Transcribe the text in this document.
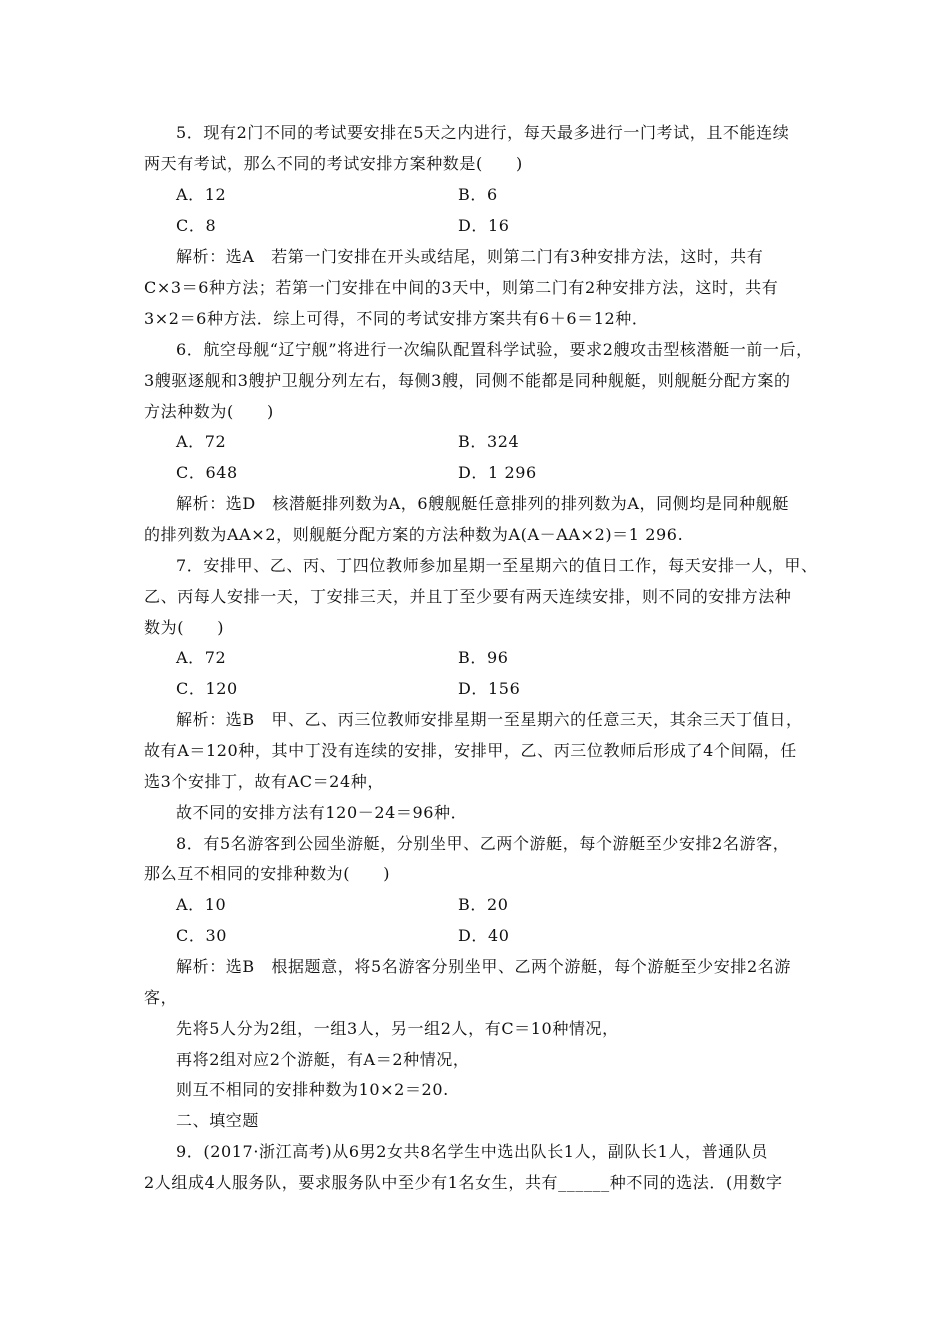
5．现有2门不同的考试要安排在5天之内进行，每天最多进行一门考试，且不能连续
两天有考试，那么不同的考试安排方案种数是(　　)
A．12	B．6
C．8	D．16
解析：选A　若第一门安排在开头或结尾，则第二门有3种安排方法，这时，共有
C×3＝6种方法；若第一门安排在中间的3天中，则第二门有2种安排方法，这时，共有
3×2＝6种方法．综上可得，不同的考试安排方案共有6＋6＝12种．
6．航空母舰“辽宁舰”将进行一次编队配置科学试验，要求2艘攻击型核潜艇一前一后，
3艘驱逐舰和3艘护卫舰分列左右，每侧3艘，同侧不能都是同种舰艇，则舰艇分配方案的
方法种数为(　　)
A．72	B．324
C．648	D．1 296
解析：选D　核潜艇排列数为A，6艘舰艇任意排列的排列数为A，同侧均是同种舰艇
的排列数为AA×2，则舰艇分配方案的方法种数为A(A－AA×2)＝1 296.
7．安排甲、乙、丙、丁四位教师参加星期一至星期六的值日工作，每天安排一人，甲、
乙、丙每人安排一天，丁安排三天，并且丁至少要有两天连续安排，则不同的安排方法种
数为(　　)
A．72	B．96
C．120	D．156
解析：选B　甲、乙、丙三位教师安排星期一至星期六的任意三天，其余三天丁值日，
故有A＝120种，其中丁没有连续的安排，安排甲，乙、丙三位教师后形成了4个间隔，任
选3个安排丁，故有AC＝24种，
故不同的安排方法有120－24＝96种．
8．有5名游客到公园坐游艇，分别坐甲、乙两个游艇，每个游艇至少安排2名游客，
那么互不相同的安排种数为(　　)
A．10	B．20
C．30	D．40
解析：选B　根据题意，将5名游客分别坐甲、乙两个游艇，每个游艇至少安排2名游
客，
先将5人分为2组，一组3人，另一组2人，有C＝10种情况，
再将2组对应2个游艇，有A＝2种情况，
则互不相同的安排种数为10×2＝20.
二、填空题
9．(2017·浙江高考)从6男2女共8名学生中选出队长1人，副队长1人，普通队员
2人组成4人服务队，要求服务队中至少有1名女生，共有______种不同的选法．(用数字
